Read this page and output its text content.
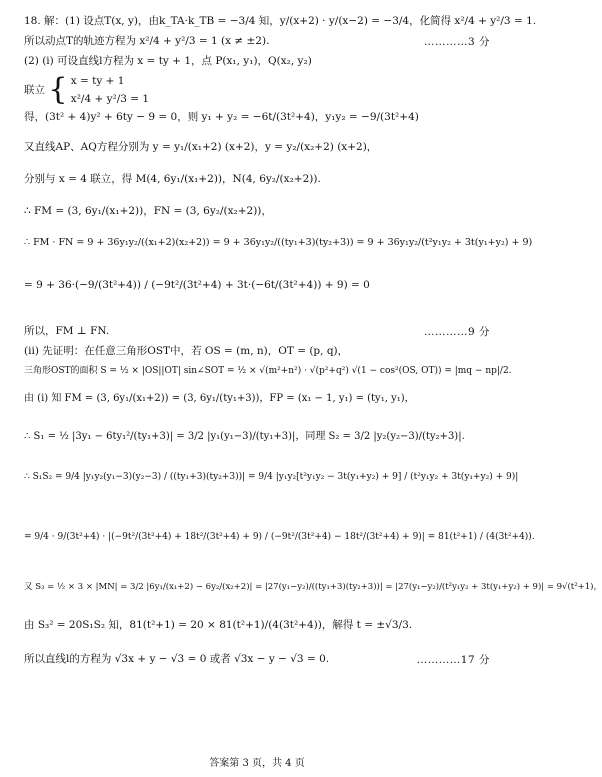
18. 解：(1) 设点T(x, y)，由k_TA·k_TB = −3/4 知，y/(x+2) · y/(x−2) = −3/4，化简得 x²/4 + y²/3 = 1.
所以动点T的轨迹方程为 x²/4 + y²/3 = 1 (x ≠ ±2).	…………3 分
(2) (i) 可设直线l方程为 x = ty + 1，点 P(x₁, y₁)，Q(x₂, y₂)
联立 { x = ty + 1
x²/4 + y²/3 = 1
得，(3t² + 4)y² + 6ty − 9 = 0，则 y₁ + y₂ = −6t/(3t²+4)，y₁y₂ = −9/(3t²+4)
又直线AP、AQ方程分别为 y = y₁/(x₁+2) (x+2)，y = y₂/(x₂+2) (x+2)，
分别与 x = 4 联立，得 M(4, 6y₁/(x₁+2))，N(4, 6y₂/(x₂+2)).
∴ FM = (3, 6y₁/(x₁+2))，FN = (3, 6y₂/(x₂+2))，
∴ FM · FN = 9 + 36y₁y₂/((x₁+2)(x₂+2)) = 9 + 36y₁y₂/((ty₁+3)(ty₂+3)) = 9 + 36y₁y₂/(t²y₁y₂ + 3t(y₁+y₂) + 9)
= 9 + 36·(−9/(3t²+4)) / (−9t²/(3t²+4) + 3t·(−6t/(3t²+4)) + 9) = 0
所以，FM ⊥ FN.	…………9 分
(ii) 先证明：在任意三角形OST中，若 OS = (m, n)，OT = (p, q)，
三角形OST的面积 S = ½ × |OS||OT| sin∠SOT = ½ × √(m²+n²) · √(p²+q²) √(1 − cos²(OS, OT)) = |mq − np|/2.
由 (i) 知 FM = (3, 6y₁/(x₁+2)) = (3, 6y₁/(ty₁+3))，FP = (x₁ − 1, y₁) = (ty₁, y₁)，
∴ S₁ = ½ |3y₁ − 6ty₁²/(ty₁+3)| = 3/2 |y₁(y₁−3)/(ty₁+3)|，同理 S₂ = 3/2 |y₂(y₂−3)/(ty₂+3)|.
∴ S₁S₂ = 9/4 |y₁y₂(y₁−3)(y₂−3) / ((ty₁+3)(ty₂+3))| = 9/4 |y₁y₂[t²y₁y₂ − 3t(y₁+y₂) + 9] / (t²y₁y₂ + 3t(y₁+y₂) + 9)|
= 9/4 · 9/(3t²+4) · |(−9t²/(3t²+4) + 18t²/(3t²+4) + 9) / (−9t²/(3t²+4) − 18t²/(3t²+4) + 9)| = 81(t²+1) / (4(3t²+4)).
又 S₃ = ½ × 3 × |MN| = 3/2 |6y₁/(x₁+2) − 6y₂/(x₂+2)| = |27(y₁−y₂)/((ty₁+3)(ty₂+3))| = |27(y₁−y₂)/(t²y₁y₂ + 3t(y₁+y₂) + 9)| = 9√(t²+1)，
由 S₃² = 20S₁S₂ 知，81(t²+1) = 20 × 81(t²+1)/(4(3t²+4))，解得 t = ±√3/3.
所以直线l的方程为 √3x + y − √3 = 0 或者 √3x − y − √3 = 0.	…………17 分
答案第 3 页，共 4 页
